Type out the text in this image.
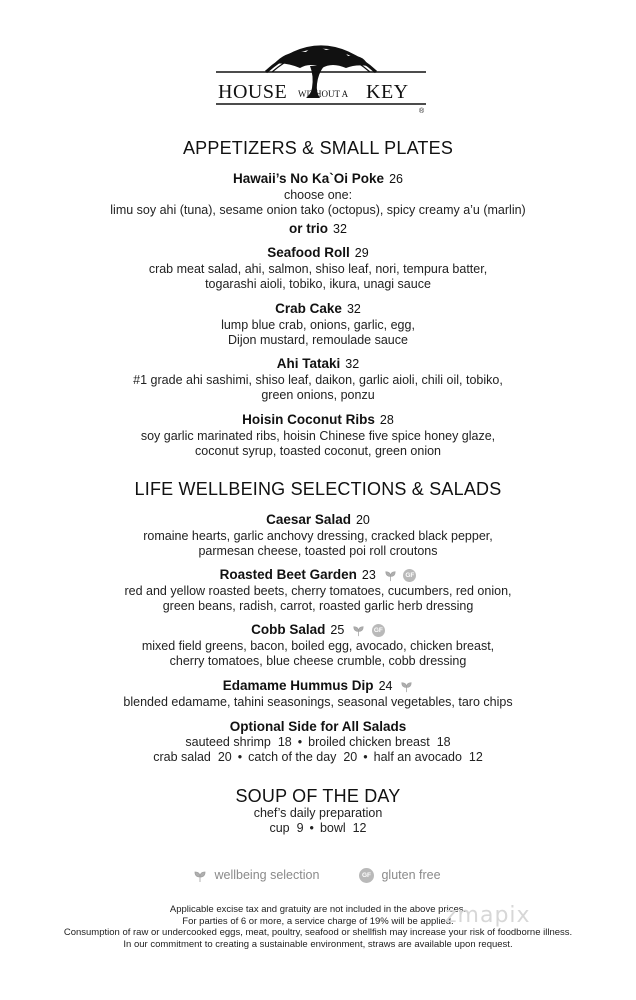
HOUSE WITHOUT A KEY
®
APPETIZERS & SMALL PLATES
Hawaii’s No Ka`Oi Poke 26
choose one:
limu soy ahi (tuna), sesame onion tako (octopus), spicy creamy a’u (marlin)
or trio 32
Seafood Roll 29
crab meat salad, ahi, salmon, shiso leaf, nori, tempura batter,
togarashi aioli, tobiko, ikura, unagi sauce
Crab Cake 32
lump blue crab, onions, garlic, egg,
Dijon mustard, remoulade sauce
Ahi Tataki 32
#1 grade ahi sashimi, shiso leaf, daikon, garlic aioli, chili oil, tobiko,
green onions, ponzu
Hoisin Coconut Ribs 28
soy garlic marinated ribs, hoisin Chinese five spice honey glaze,
coconut syrup, toasted coconut, green onion
LIFE WELLBEING SELECTIONS & SALADS
Caesar Salad 20
romaine hearts, garlic anchovy dressing, cracked black pepper,
parmesan cheese, toasted poi roll croutons
Roasted Beet Garden 23	GF
red and yellow roasted beets, cherry tomatoes, cucumbers, red onion,
green beans, radish, carrot, roasted garlic herb dressing
Cobb Salad 25	GF
mixed field greens, bacon, boiled egg, avocado, chicken breast,
cherry tomatoes, blue cheese crumble, cobb dressing
Edamame Hummus Dip 24
blended edamame, tahini seasonings, seasonal vegetables, taro chips
Optional Side for All Salads
sauteed shrimp 18 • broiled chicken breast 18
crab salad 20 • catch of the day 20 • half an avocado 12
SOUP OF THE DAY
chef’s daily preparation
cup 9 • bowl 12
wellbeing selection	GF gluten free
Applicable excise tax and gratuity are not included in the above prices.
For parties of 6 or more, a service charge of 19% will be applied.
Consumption of raw or undercooked eggs, meat, poultry, seafood or shellfish may increase your risk of foodborne illness.
In our commitment to creating a sustainable environment, straws are available upon request.
zmapix
